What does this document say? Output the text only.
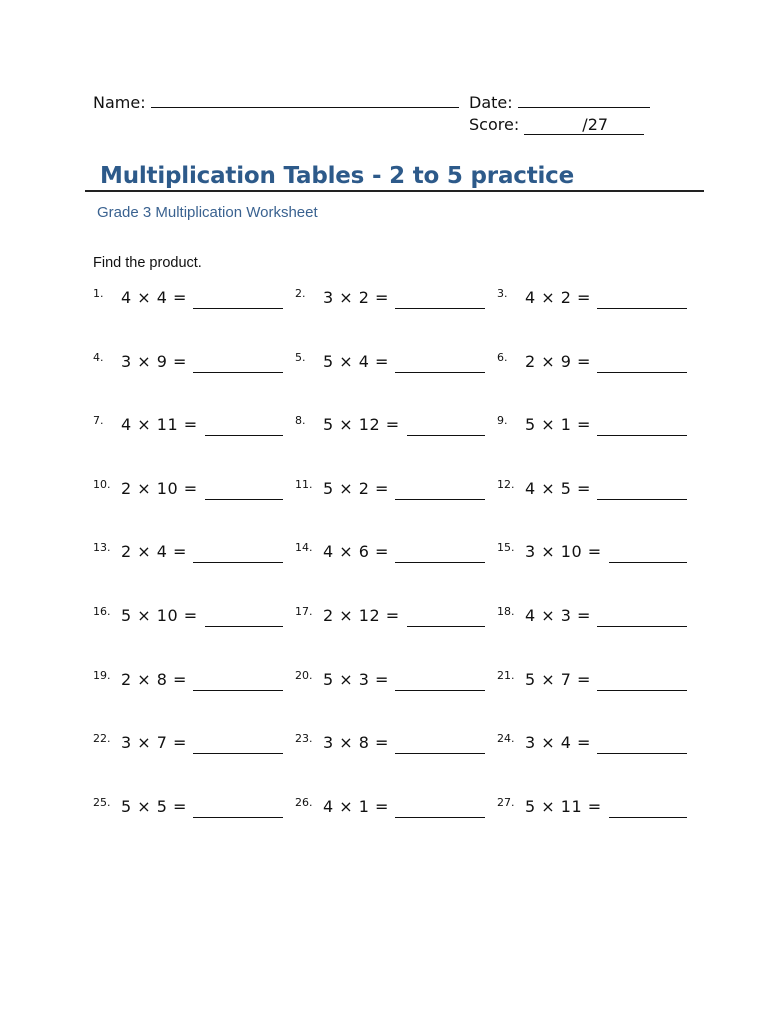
Name:	Date:
Score:	/27
Multiplication Tables - 2 to 5 practice
Grade 3 Multiplication Worksheet
Find the product.
1. 4 × 4 =	2. 3 × 2 =	3. 4 × 2 =
4. 3 × 9 =	5. 5 × 4 =	6. 2 × 9 =
7. 4 × 11 =	8. 5 × 12 =	9. 5 × 1 =
10. 2 × 10 =	11. 5 × 2 =	12. 4 × 5 =
13. 2 × 4 =	14. 4 × 6 =	15. 3 × 10 =
16. 5 × 10 =	17. 2 × 12 =	18. 4 × 3 =
19. 2 × 8 =	20. 5 × 3 =	21. 5 × 7 =
22. 3 × 7 =	23. 3 × 8 =	24. 3 × 4 =
25. 5 × 5 =	26. 4 × 1 =	27. 5 × 11 =
